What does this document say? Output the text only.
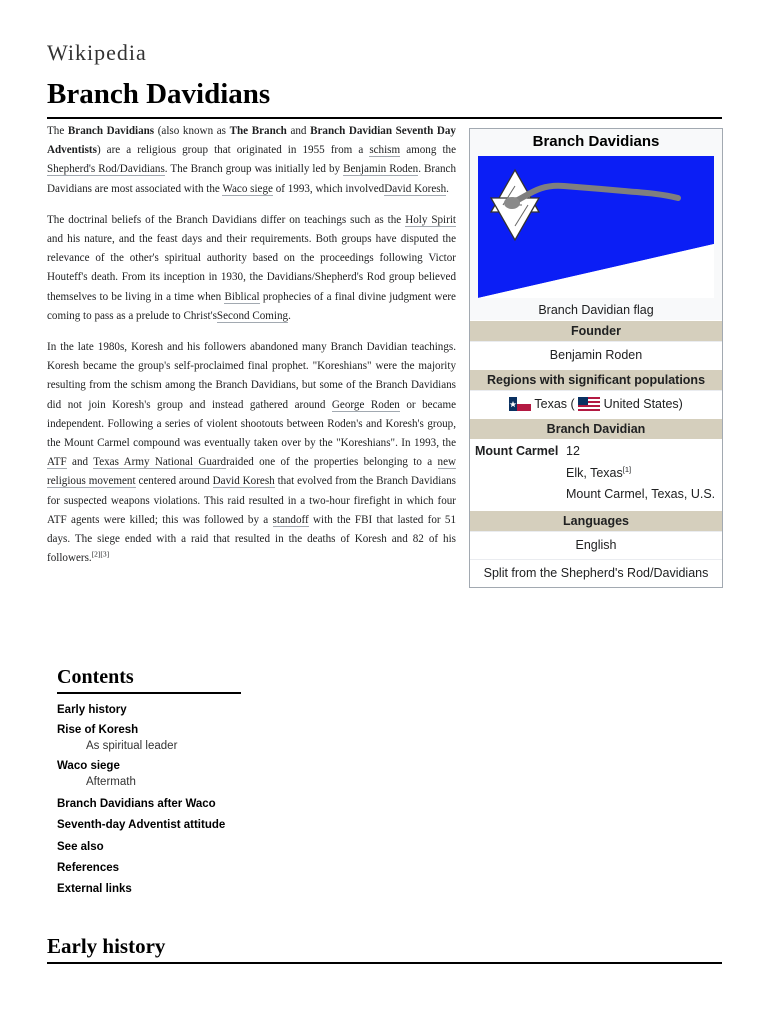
Wikipedia
Branch Davidians

The Branch Davidians (also known as The Branch and Branch Davidian Seventh Day Adventists) are a religious group that originated in 1955 from a schism among the Shepherd's Rod/Davidians. The Branch group was initially led by Benjamin Roden. Branch Davidians are most associated with the Waco siege of 1993, which involvedDavid Koresh.

The doctrinal beliefs of the Branch Davidians differ on teachings such as the Holy Spirit and his nature, and the feast days and their requirements. Both groups have disputed the relevance of the other's spiritual authority based on the proceedings following Victor Houteff's death. From its inception in 1930, the Davidians/Shepherd's Rod group believed themselves to be living in a time when Biblical prophecies of a final divine judgment were coming to pass as a prelude to Christ'sSecond Coming.

In the late 1980s, Koresh and his followers abandoned many Branch Davidian teachings. Koresh became the group's self-proclaimed final prophet. "Koreshians" were the majority resulting from the schism among the Branch Davidians, but some of the Branch Davidians did not join Koresh's group and instead gathered around George Roden or became independent. Following a series of violent shootouts between Roden's and Koresh's group, the Mount Carmel compound was eventually taken over by the "Koreshians". In 1993, the ATF and Texas Army National Guardraided one of the properties belonging to a new religious movement centered around David Koresh that evolved from the Branch Davidians for suspected weapons violations. This raid resulted in a two-hour firefight in which four ATF agents were killed; this was followed by a standoff with the FBI that lasted for 51 days. The siege ended with a raid that resulted in the deaths of Koresh and 82 of his followers.[2][3]

Branch Davidians
Branch Davidian flag
Founder
Benjamin Roden
Regions with significant populations
Texas (  United States)
Branch Davidian
Mount Carmel 12
Elk, Texas[1]
Mount Carmel, Texas, U.S.
Languages
English
Split from the Shepherd's Rod/Davidians
Contents
Early history
Rise of Koresh
As spiritual leader
Waco siege
Aftermath
Branch Davidians after Waco
Seventh-day Adventist attitude
See also
References
External links
Early history
